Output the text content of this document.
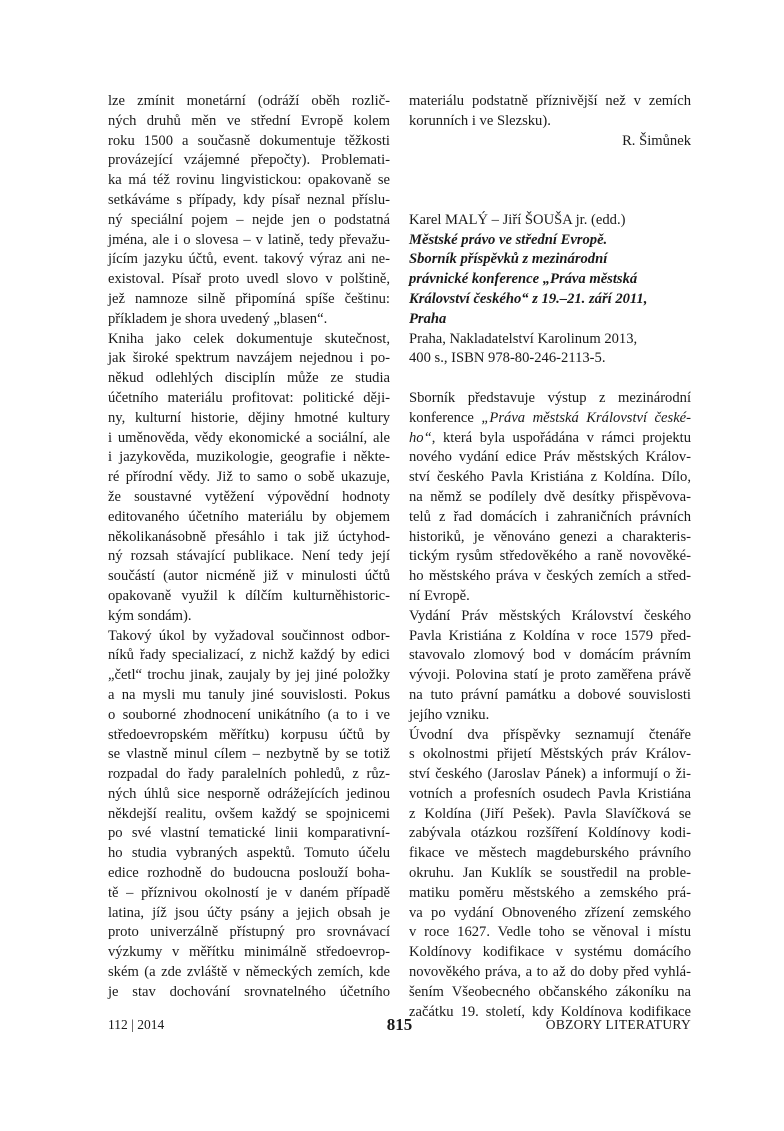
lze zmínit monetární (odráží oběh rozlič-
ných druhů měn ve střední Evropě kolem
roku 1500 a současně dokumentuje těžkosti
provázející vzájemné přepočty). Problemati-
ka má též rovinu lingvistickou: opakovaně se
setkáváme s případy, kdy písař neznal příslu-
ný speciální pojem – nejde jen o podstatná
jména, ale i o slovesa – v latině, tedy převažu-
jícím jazyku účtů, event. takový výraz ani ne-
existoval. Písař proto uvedl slovo v polštině,
jež namnoze silně připomíná spíše češtinu:
příkladem je shora uvedený „blasen“.
Kniha jako celek dokumentuje skutečnost,
jak široké spektrum navzájem nejednou i po-
někud odlehlých disciplín může ze studia
účetního materiálu profitovat: politické ději-
ny, kulturní historie, dějiny hmotné kultury
i uměnověda, vědy ekonomické a sociální, ale
i jazykověda, muzikologie, geografie i někte-
ré přírodní vědy. Již to samo o sobě ukazuje,
že soustavné vytěžení výpovědní hodnoty
editovaného účetního materiálu by objemem
několikanásobně přesáhlo i tak již úctyhod-
ný rozsah stávající publikace. Není tedy její
součástí (autor nicméně již v minulosti účtů
opakovaně využil k dílčím kulturněhistoric-
kým sondám).
Takový úkol by vyžadoval součinnost odbor-
níků řady specializací, z nichž každý by edici
„četl“ trochu jinak, zaujaly by jej jiné položky
a na mysli mu tanuly jiné souvislosti. Pokus
o souborné zhodnocení unikátního (a to i ve
středoevropském měřítku) korpusu účtů by
se vlastně minul cílem – nezbytně by se totiž
rozpadal do řady paralelních pohledů, z růz-
ných úhlů sice nesporně odrážejících jedinou
někdejší realitu, ovšem každý se spojnicemi
po své vlastní tematické linii komparativní-
ho studia vybraných aspektů. Tomuto účelu
edice rozhodně do budoucna poslouží boha-
tě – příznivou okolností je v daném případě
latina, jíž jsou účty psány a jejich obsah je
proto univerzálně přístupný pro srovnávací
výzkumy v měřítku minimálně středoevrop-
ském (a zde zvláště v německých zemích, kde
je stav dochování srovnatelného účetního
materiálu podstatně příznivější než v zemích
korunních i ve Slezsku).
R. Šimůnek
Karel MALÝ – Jiří ŠOUŠA jr. (edd.)
Městské právo ve střední Evropě.
Sborník příspěvků z mezinárodní
právnické konference „Práva městská
Království českého“ z 19.–21. září 2011,
Praha
Praha, Nakladatelství Karolinum 2013,
400 s., ISBN 978-80-246-2113-5.
Sborník představuje výstup z mezinárodní
konference „Práva městská Království české-
ho“, která byla uspořádána v rámci projektu
nového vydání edice Práv městských Králov-
ství českého Pavla Kristiána z Koldína. Dílo,
na němž se podílely dvě desítky přispěvova-
telů z řad domácích i zahraničních právních
historiků, je věnováno genezi a charakteris-
tickým rysům středověkého a raně novověké-
ho městského práva v českých zemích a střed-
ní Evropě.
Vydání Práv městských Království českého
Pavla Kristiána z Koldína v roce 1579 před-
stavovalo zlomový bod v domácím právním
vývoji. Polovina statí je proto zaměřena právě
na tuto právní památku a dobové souvislosti
jejího vzniku.
Úvodní dva příspěvky seznamují čtenáře
s okolnostmi přijetí Městských práv Králov-
ství českého (Jaroslav Pánek) a informují o ži-
votních a profesních osudech Pavla Kristiána
z Koldína (Jiří Pešek). Pavla Slavíčková se
zabývala otázkou rozšíření Koldínovy kodi-
fikace ve městech magdeburského právního
okruhu. Jan Kuklík se soustředil na proble-
matiku poměru městského a zemského prá-
va po vydání Obnoveného zřízení zemského
v roce 1627. Vedle toho se věnoval i místu
Koldínovy kodifikace v systému domácího
novověkého práva, a to až do doby před vyhlá-
šením Všeobecného občanského zákoníku na
začátku 19. století, kdy Koldínova kodifikace
112 | 2014	815	OBZORY LITERATURY
